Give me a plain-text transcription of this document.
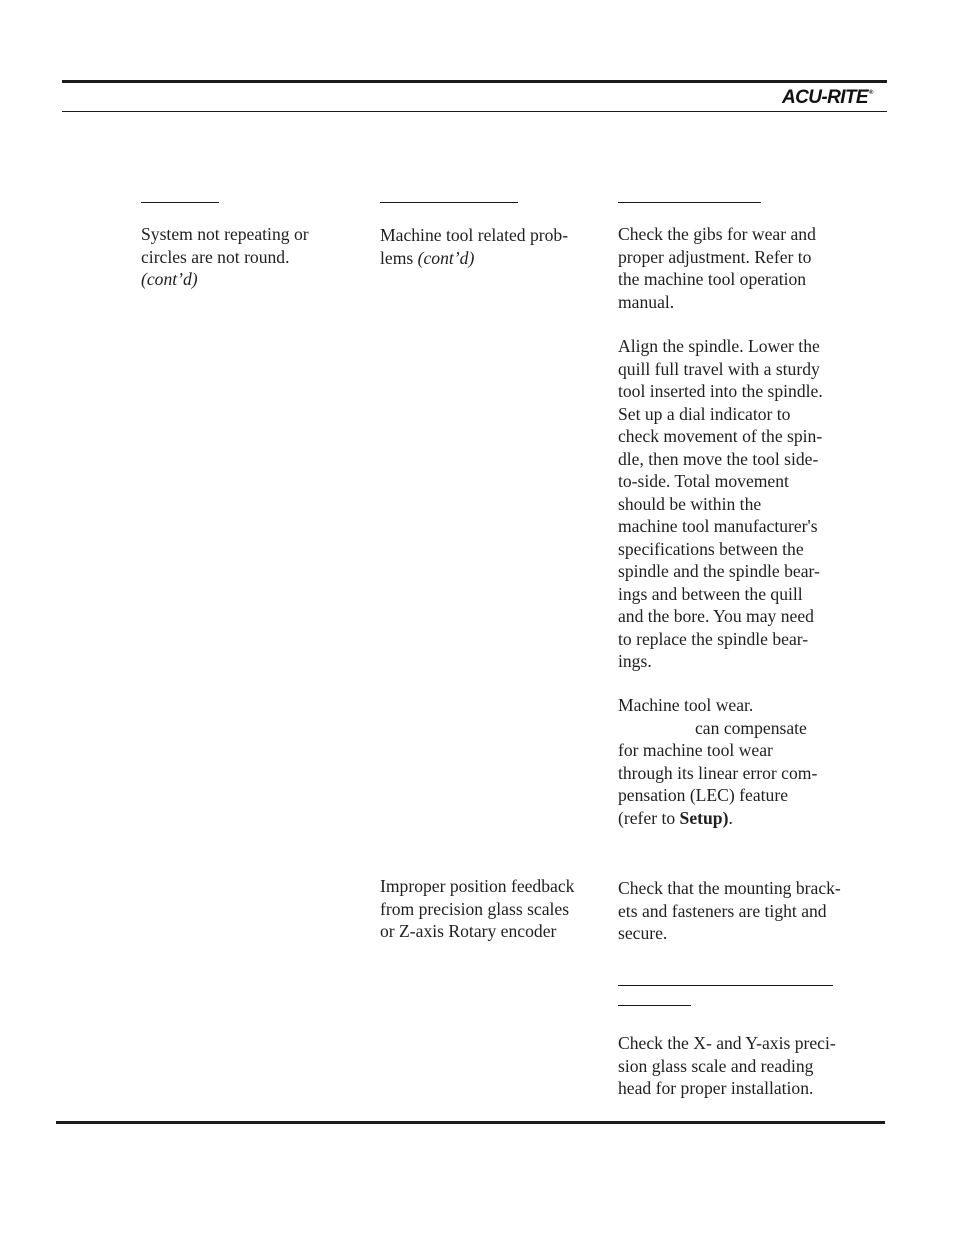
ACU-RITE®
System not repeating or
circles are not round.
(cont’d)
Machine tool related prob-
lems (cont’d)
Improper position feedback
from precision glass scales
or Z-axis Rotary encoder
Check the gibs for wear and
proper adjustment. Refer to
the machine tool operation
manual.
Align the spindle. Lower the
quill full travel with a sturdy
tool inserted into the spindle.
Set up a dial indicator to
check movement of the spin-
dle, then move the tool side-
to-side. Total movement
should be within the
machine tool manufacturer's
specifications between the
spindle and the spindle bear-
ings and between the quill
and the bore. You may need
to replace the spindle bear-
ings.
Machine tool wear.
can compensate
for machine tool wear
through its linear error com-
pensation (LEC) feature
(refer to Setup).
Check that the mounting brack-
ets and fasteners are tight and
secure.
Check the X- and Y-axis preci-
sion glass scale and reading
head for proper installation.
